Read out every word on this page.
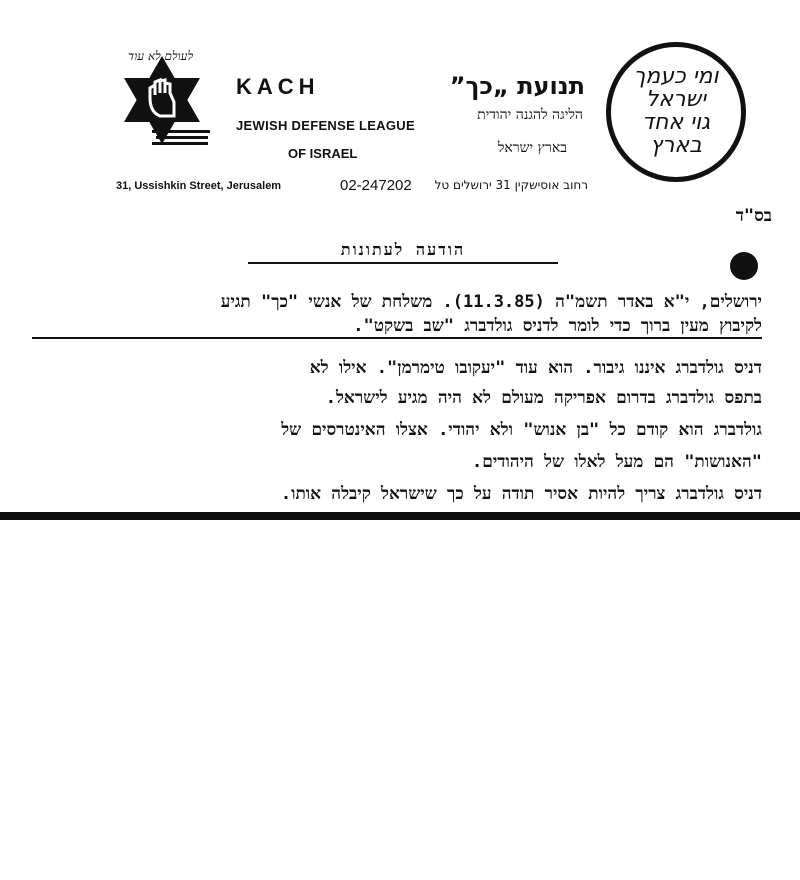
לעולם לא עוד
KACH
JEWISH DEFENSE LEAGUE
OF ISRAEL
31, Ussishkin Street, Jerusalem	02-247202
תנועת „כך”
הליגה להגנה יהודית
בארץ ישראל
רחוב אוסישקין 31 ירושלים טל
ומי כעמך
ישראל
גוי אחד
בארץ
בס"ד
הודעה לעתונות
ירושלים, י"א באדר תשמ"ה (11.3.85). משלחת של אנשי "כך" תגיע
לקיבוץ מעין ברוך כדי לומר לדניס גולדברג "שב בשקט".
דניס גולדברג איננו גיבור. הוא עוד "יעקובו טימרמן". אילו לא
בתפס גולדברג בדרום אפריקה מעולם לא היה מגיע לישראל.
גולדברג הוא קודם כל "בן אנוש" ולא יהודי. אצלו האינטרסים של
"האנושות" הם מעל לאלו של היהודים.
דניס גולדברג צריך להיות אסיר תודה על כך שישראל קיבלה אותו.
